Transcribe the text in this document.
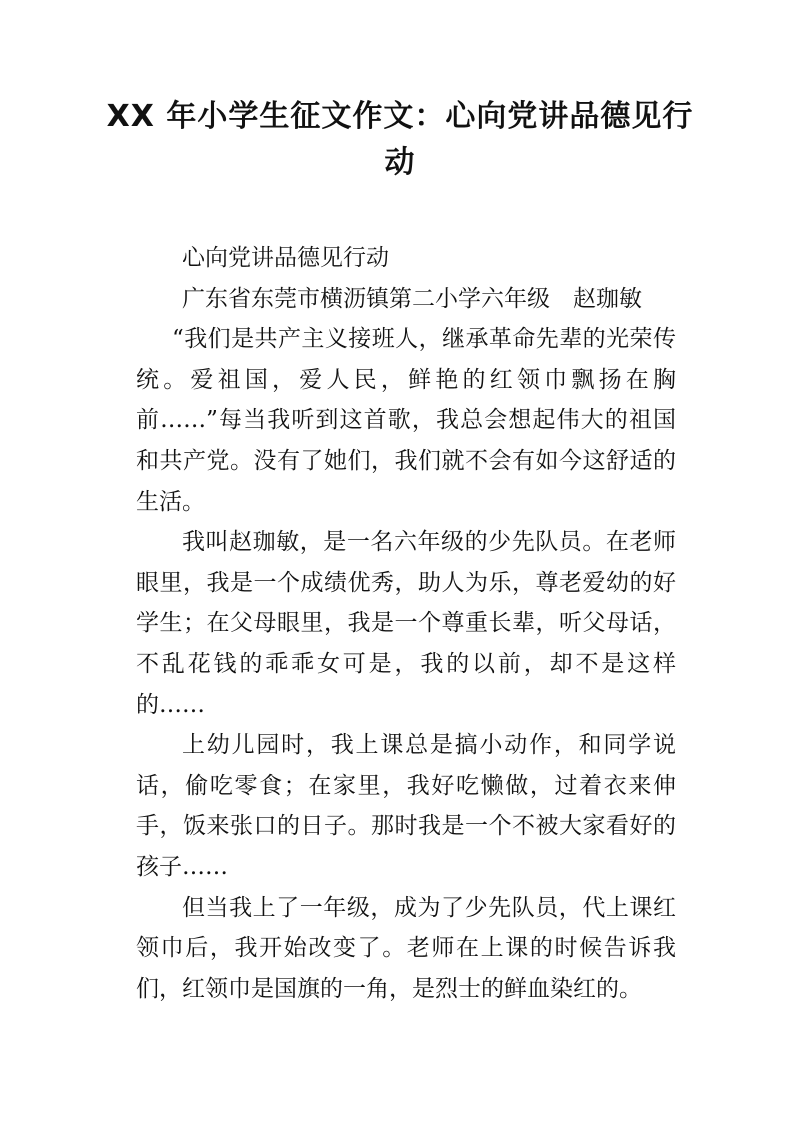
XX 年小学生征文作文：心向党讲品德见行动

心向党讲品德见行动

广东省东莞市横沥镇第二小学六年级　赵珈敏

“我们是共产主义接班人，继承革命先辈的光荣传统。爱祖国，爱人民，鲜艳的红领巾飘扬在胸前……”每当我听到这首歌，我总会想起伟大的祖国和共产党。没有了她们，我们就不会有如今这舒适的生活。

我叫赵珈敏，是一名六年级的少先队员。在老师眼里，我是一个成绩优秀，助人为乐，尊老爱幼的好学生；在父母眼里，我是一个尊重长辈，听父母话，不乱花钱的乖乖女可是，我的以前，却不是这样的……

上幼儿园时，我上课总是搞小动作，和同学说话，偷吃零食；在家里，我好吃懒做，过着衣来伸手，饭来张口的日子。那时我是一个不被大家看好的孩子……

但当我上了一年级，成为了少先队员，代上课红领巾后，我开始改变了。老师在上课的时候告诉我们，红领巾是国旗的一角，是烈士的鲜血染红的。
